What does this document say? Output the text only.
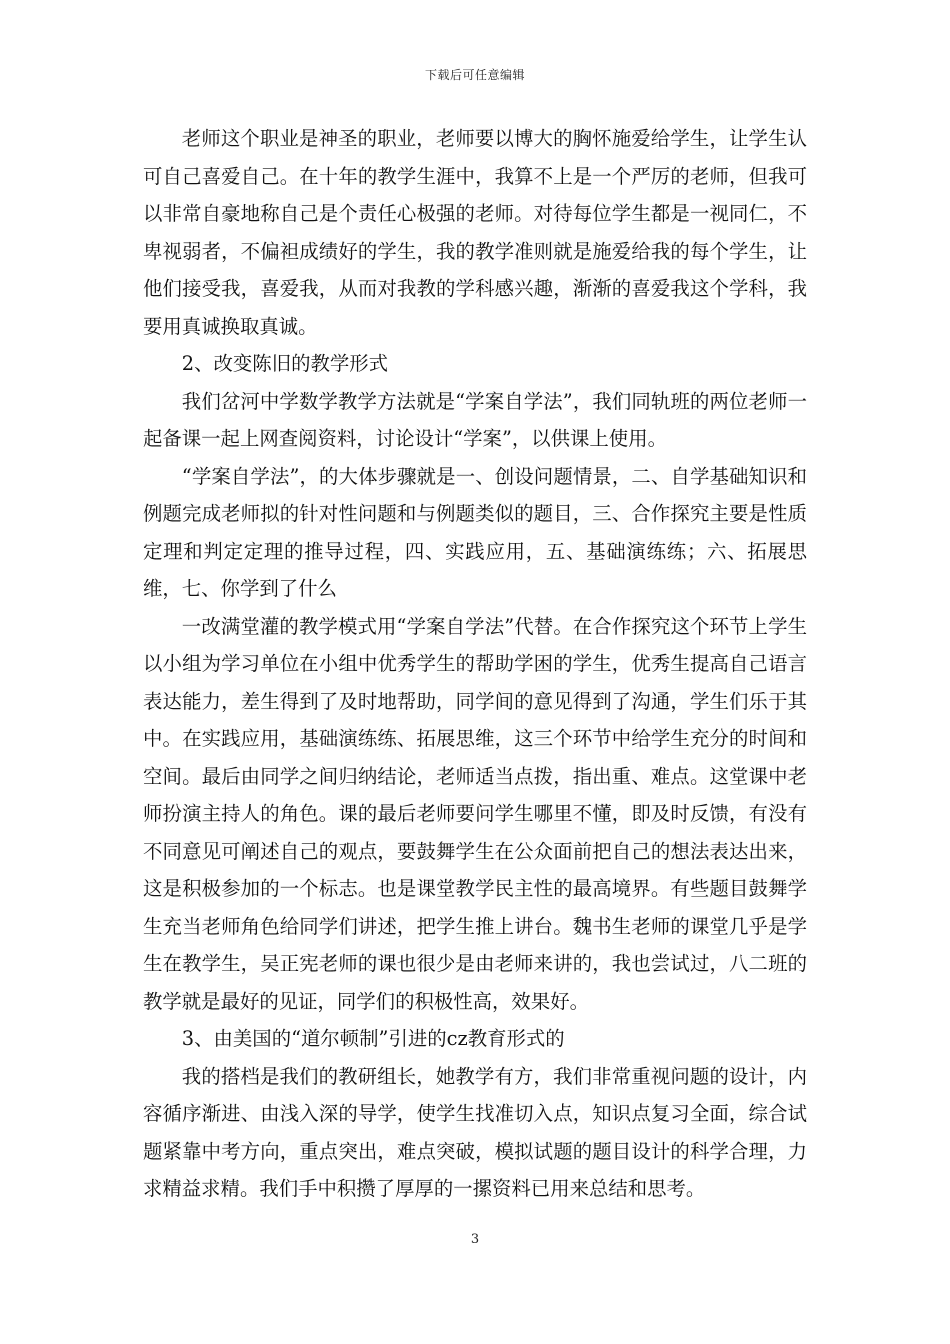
下载后可任意编辑

老师这个职业是神圣的职业，老师要以博大的胸怀施爱给学生，让学生认可自己喜爱自己。在十年的教学生涯中，我算不上是一个严厉的老师，但我可以非常自豪地称自己是个责任心极强的老师。对待每位学生都是一视同仁，不卑视弱者，不偏袒成绩好的学生，我的教学准则就是施爱给我的每个学生，让他们接受我，喜爱我，从而对我教的学科感兴趣，渐渐的喜爱我这个学科，我要用真诚换取真诚。

2、改变陈旧的教学形式

我们岔河中学数学教学方法就是“学案自学法”，我们同轨班的两位老师一起备课一起上网查阅资料，讨论设计“学案”，以供课上使用。

“学案自学法”，的大体步骤就是一、创设问题情景，二、自学基础知识和例题完成老师拟的针对性问题和与例题类似的题目，三、合作探究主要是性质定理和判定定理的推导过程，四、实践应用，五、基础演练练；六、拓展思维，七、你学到了什么

一改满堂灌的教学模式用“学案自学法”代替。在合作探究这个环节上学生以小组为学习单位在小组中优秀学生的帮助学困的学生，优秀生提高自己语言表达能力，差生得到了及时地帮助，同学间的意见得到了沟通，学生们乐于其中。在实践应用，基础演练练、拓展思维，这三个环节中给学生充分的时间和空间。最后由同学之间归纳结论，老师适当点拨，指出重、难点。这堂课中老师扮演主持人的角色。课的最后老师要问学生哪里不懂，即及时反馈，有没有不同意见可阐述自己的观点，要鼓舞学生在公众面前把自己的想法表达出来，这是积极参加的一个标志。也是课堂教学民主性的最高境界。有些题目鼓舞学生充当老师角色给同学们讲述，把学生推上讲台。魏书生老师的课堂几乎是学生在教学生，吴正宪老师的课也很少是由老师来讲的，我也尝试过，八二班的教学就是最好的见证，同学们的积极性高，效果好。

3、由美国的“道尔顿制”引进的cz教育形式的

我的搭档是我们的教研组长，她教学有方，我们非常重视问题的设计，内容循序渐进、由浅入深的导学，使学生找准切入点，知识点复习全面，综合试题紧靠中考方向，重点突出，难点突破，模拟试题的题目设计的科学合理，力求精益求精。我们手中积攒了厚厚的一摞资料已用来总结和思考。

3
